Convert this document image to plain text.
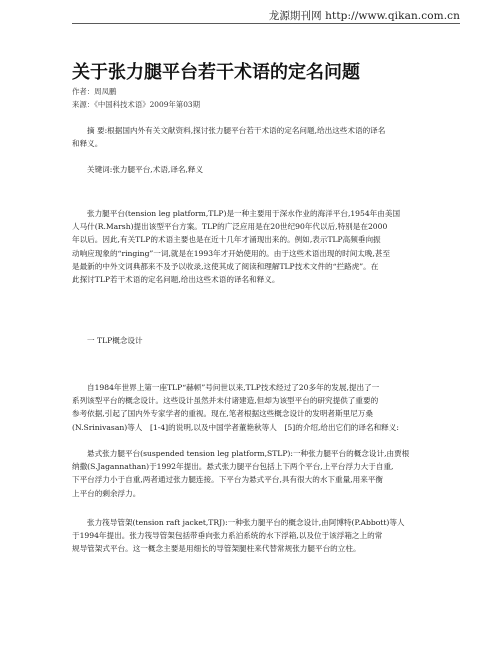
龙源期刊网 http://www.qikan.com.cn
关于张力腿平台若干术语的定名问题
作者：周凤鹏
来源：《中国科技术语》2009年第03期

摘 要:根据国内外有关文献资料,探讨张力腿平台若干术语的定名问题,给出这些术语的译名
和释义。

关键词:张力腿平台,术语,译名,释义

张力腿平台(tension leg platform,TLP)是一种主要用于深水作业的海洋平台,1954年由美国
人马什(R.Marsh)提出该型平台方案。TLP的广泛应用是在20世纪90年代以后,特别是在2000
年以后。因此,有关TLP的术语主要也是在近十几年才涌现出来的。例如,表示TLP高频垂向振
动响应现象的“ringing”一词,就是在1993年才开始使用的。由于这些术语出现的时间太晚,甚至
是最新的中外文词典都来不及予以收录,这使其成了阅读和理解TLP技术文件的“拦路虎”。在
此探讨TLP若干术语的定名问题,给出这些术语的译名和释义。

一 TLP概念设计

自1984年世界上第一座TLP“赫顿”号问世以来,TLP技术经过了20多年的发展,提出了一
系列该型平台的概念设计。这些设计虽然并未付诸建造,但却为该型平台的研究提供了重要的
参考依据,引起了国内外专家学者的重视。现在,笔者根据这些概念设计的发明者斯里尼万桑
(N.Srinivasan)等人　[1-4]的说明,以及中国学者董艳秋等人　[5]的介绍,给出它们的译名和释义:

悬式张力腿平台(suspended tension leg platform,STLP):一种张力腿平台的概念设计,由贾根
纳撒(S.Jagannathan)于1992年提出。悬式张力腿平台包括上下两个平台,上平台浮力大于自重,
下平台浮力小于自重,两者通过张力腿连接。下平台为悬式平台,具有很大的水下重量,用来平衡
上平台的剩余浮力。

张力筏导管架(tension raft jacket,TRJ):一种张力腿平台的概念设计,由阿博特(P.Abbott)等人
于1994年提出。张力筏导管架包括带垂向张力系泊系统的水下浮箱,以及位于该浮箱之上的常
规导管架式平台。这一概念主要是用细长的导管架腿柱来代替常规张力腿平台的立柱。
